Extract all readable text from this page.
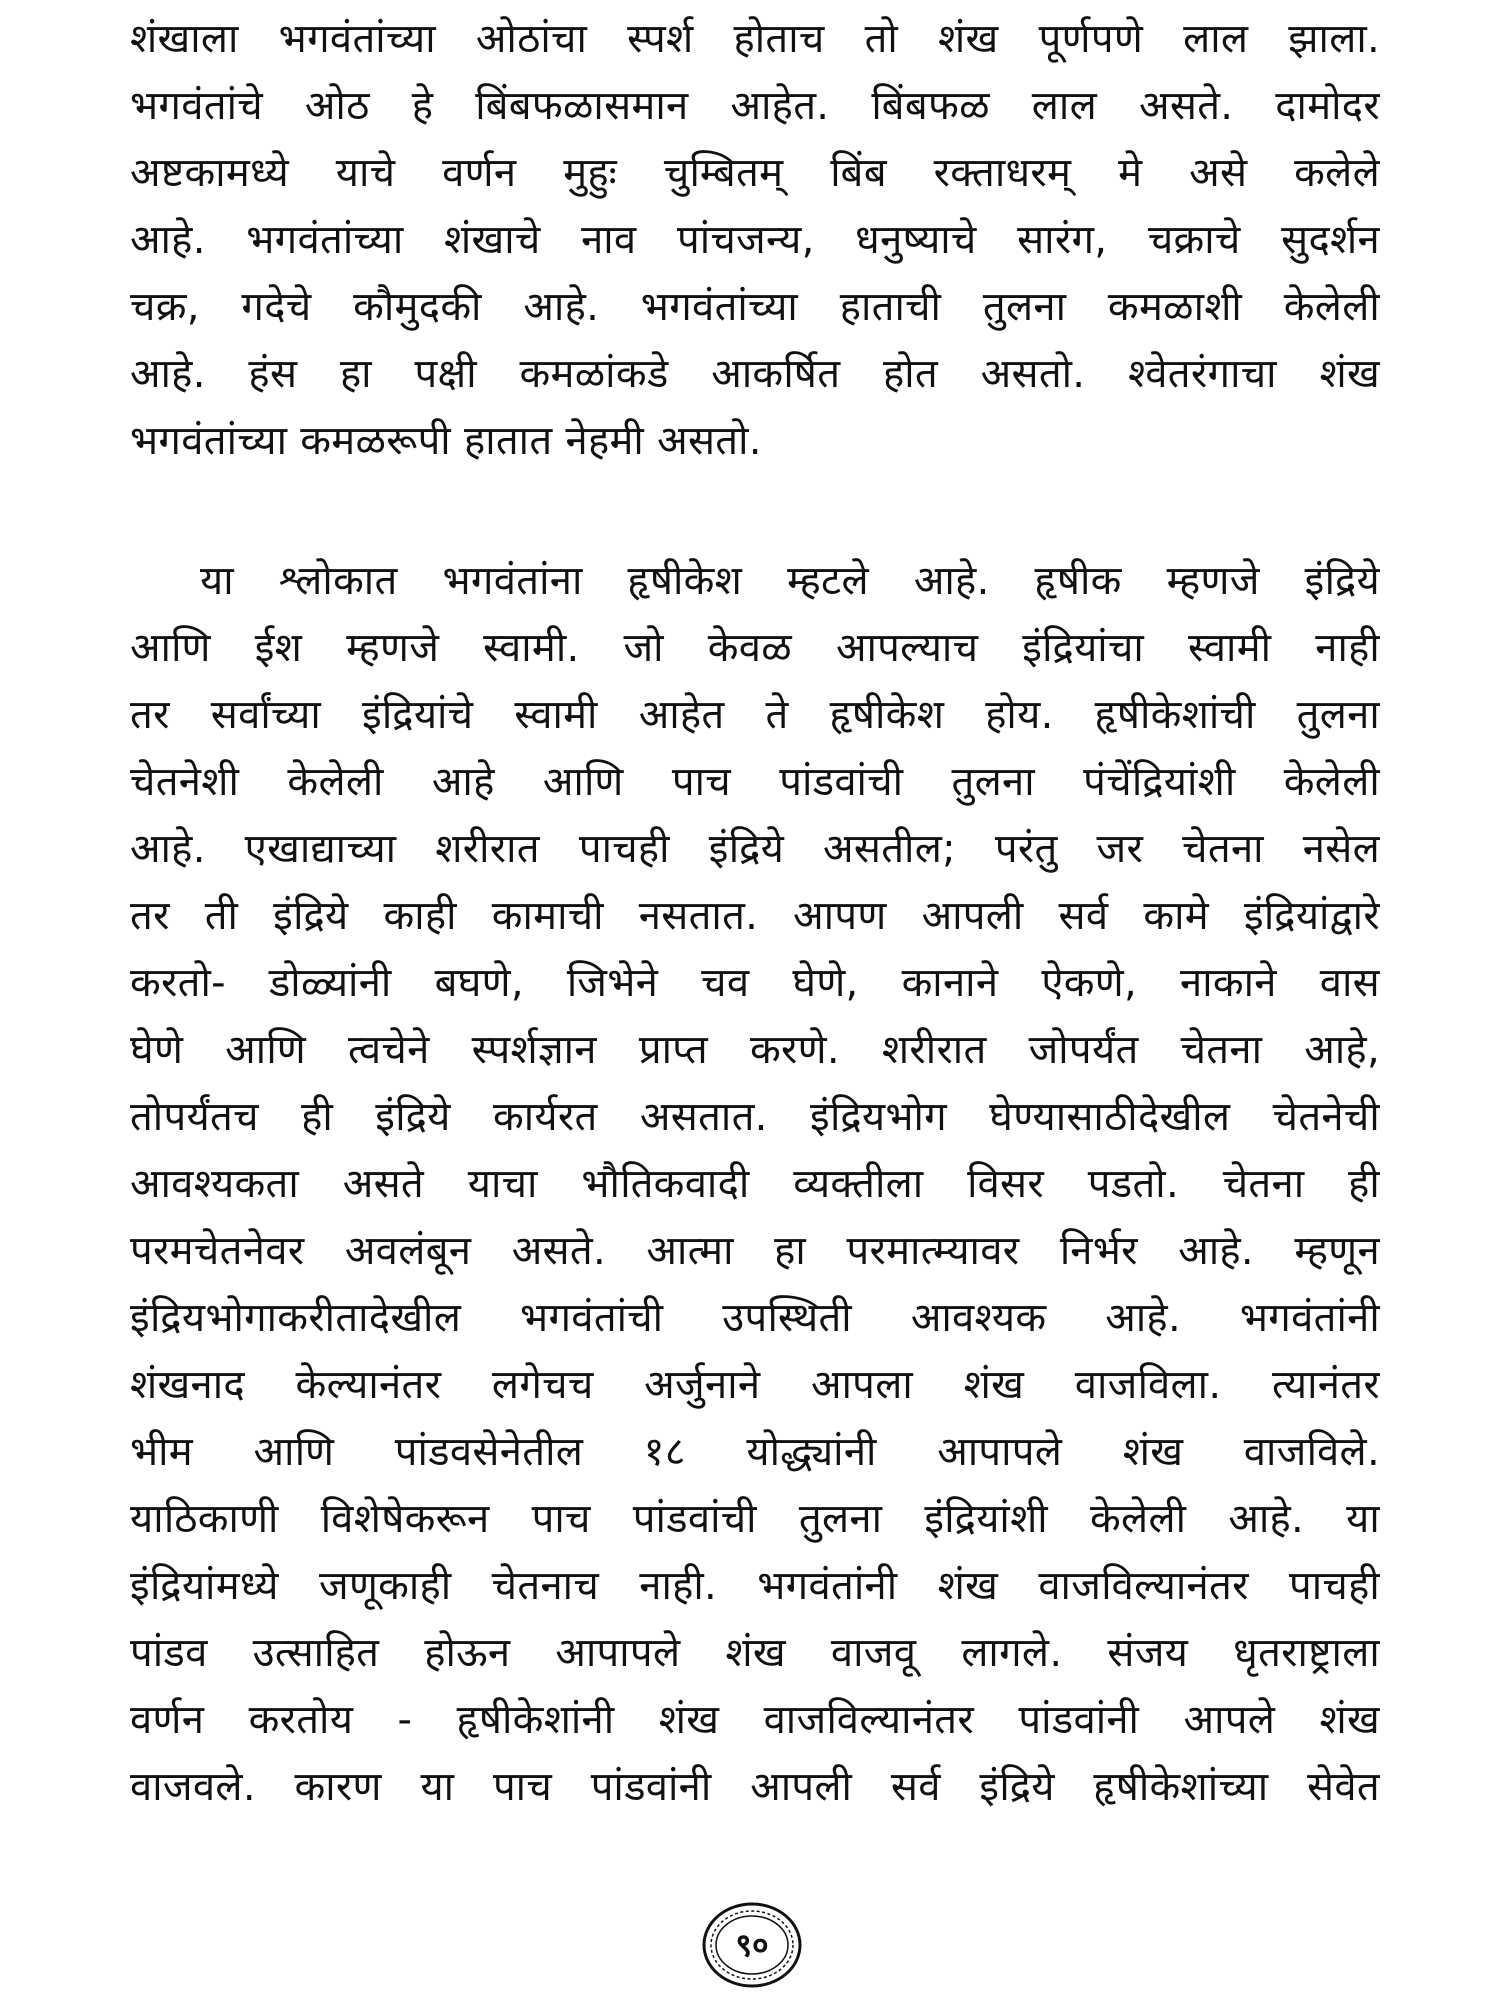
शंखाला भगवंतांच्या ओठांचा स्पर्श होताच तो शंख पूर्णपणे लाल झाला.
भगवंतांचे ओठ हे बिंबफळासमान आहेत. बिंबफळ लाल असते. दामोदर
अष्टकामध्ये याचे वर्णन मुहुः चुम्बितम् बिंब रक्ताधरम् मे असे कलेले
आहे. भगवंतांच्या शंखाचे नाव पांचजन्य, धनुष्याचे सारंग, चक्राचे सुदर्शन
चक्र, गदेचे कौमुदकी आहे. भगवंतांच्या हाताची तुलना कमळाशी केलेली
आहे. हंस हा पक्षी कमळांकडे आकर्षित होत असतो. श्वेतरंगाचा शंख
भगवंतांच्या कमळरूपी हातात नेहमी असतो.
या श्लोकात भगवंतांना हृषीकेश म्हटले आहे. हृषीक म्हणजे इंद्रिये
आणि ईश म्हणजे स्वामी. जो केवळ आपल्याच इंद्रियांचा स्वामी नाही
तर सर्वांच्या इंद्रियांचे स्वामी आहेत ते हृषीकेश होय. हृषीकेशांची तुलना
चेतनेशी केलेली आहे आणि पाच पांडवांची तुलना पंचेंद्रियांशी केलेली
आहे. एखाद्याच्या शरीरात पाचही इंद्रिये असतील; परंतु जर चेतना नसेल
तर ती इंद्रिये काही कामाची नसतात. आपण आपली सर्व कामे इंद्रियांद्वारे
करतो- डोळ्यांनी बघणे, जिभेने चव घेणे, कानाने ऐकणे, नाकाने वास
घेणे आणि त्वचेने स्पर्शज्ञान प्राप्त करणे. शरीरात जोपर्यंत चेतना आहे,
तोपर्यंतच ही इंद्रिये कार्यरत असतात. इंद्रियभोग घेण्यासाठीदेखील चेतनेची
आवश्यकता असते याचा भौतिकवादी व्यक्तीला विसर पडतो. चेतना ही
परमचेतनेवर अवलंबून असते. आत्मा हा परमात्म्यावर निर्भर आहे. म्हणून
इंद्रियभोगाकरीतादेखील भगवंतांची उपस्थिती आवश्यक आहे. भगवंतांनी
शंखनाद केल्यानंतर लगेचच अर्जुनाने आपला शंख वाजविला. त्यानंतर
भीम आणि पांडवसेनेतील १८ योद्ध्यांनी आपापले शंख वाजविले.
याठिकाणी विशेषेकरून पाच पांडवांची तुलना इंद्रियांशी केलेली आहे. या
इंद्रियांमध्ये जणूकाही चेतनाच नाही. भगवंतांनी शंख वाजविल्यानंतर पाचही
पांडव उत्साहित होऊन आपापले शंख वाजवू लागले. संजय धृतराष्ट्राला
वर्णन करतोय - हृषीकेशांनी शंख वाजविल्यानंतर पांडवांनी आपले शंख
वाजवले. कारण या पाच पांडवांनी आपली सर्व इंद्रिये हृषीकेशांच्या सेवेत
९०
